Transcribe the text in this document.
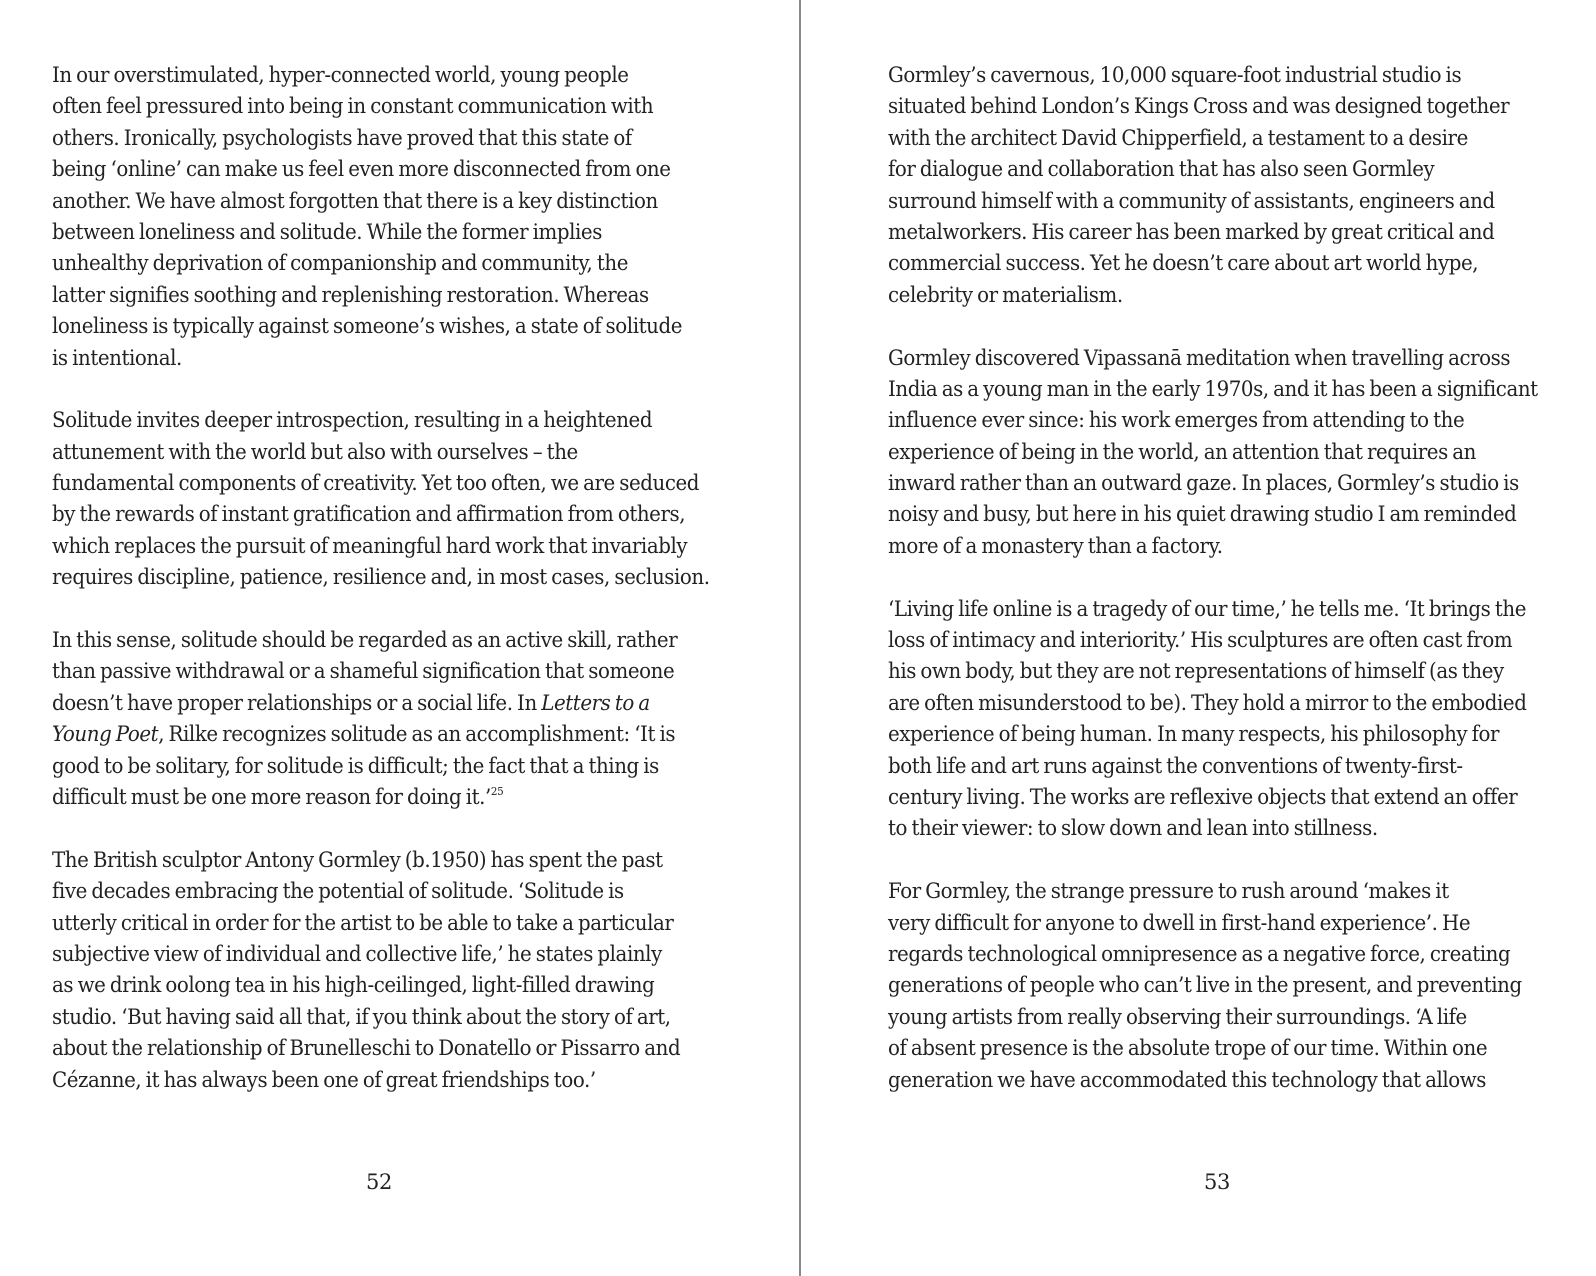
In our overstimulated, hyper-connected world, young people
often feel pressured into being in constant communication with
others. Ironically, psychologists have proved that this state of
being ‘online’ can make us feel even more disconnected from one
another. We have almost forgotten that there is a key distinction
between loneliness and solitude. While the former implies
unhealthy deprivation of companionship and community, the
latter signifies soothing and replenishing restoration. Whereas
loneliness is typically against someone’s wishes, a state of solitude
is intentional.
Solitude invites deeper introspection, resulting in a heightened
attunement with the world but also with ourselves – the
fundamental components of creativity. Yet too often, we are seduced
by the rewards of instant gratification and affirmation from others,
which replaces the pursuit of meaningful hard work that invariably
requires discipline, patience, resilience and, in most cases, seclusion.
In this sense, solitude should be regarded as an active skill, rather
than passive withdrawal or a shameful signification that someone
doesn’t have proper relationships or a social life. In Letters to a
Young Poet, Rilke recognizes solitude as an accomplishment: ‘It is
good to be solitary, for solitude is difficult; the fact that a thing is
difficult must be one more reason for doing it.’$^{25}$
The British sculptor Antony Gormley (b.1950) has spent the past
five decades embracing the potential of solitude. ‘Solitude is
utterly critical in order for the artist to be able to take a particular
subjective view of individual and collective life,’ he states plainly
as we drink oolong tea in his high-ceilinged, light-filled drawing
studio. ‘But having said all that, if you think about the story of art,
about the relationship of Brunelleschi to Donatello or Pissarro and
Cézanne, it has always been one of great friendships too.’
52
Gormley’s cavernous, 10,000 square-foot industrial studio is
situated behind London’s Kings Cross and was designed together
with the architect David Chipperfield, a testament to a desire
for dialogue and collaboration that has also seen Gormley
surround himself with a community of assistants, engineers and
metalworkers. His career has been marked by great critical and
commercial success. Yet he doesn’t care about art world hype,
celebrity or materialism.
Gormley discovered Vipassanā meditation when travelling across
India as a young man in the early 1970s, and it has been a significant
influence ever since: his work emerges from attending to the
experience of being in the world, an attention that requires an
inward rather than an outward gaze. In places, Gormley’s studio is
noisy and busy, but here in his quiet drawing studio I am reminded
more of a monastery than a factory.
‘Living life online is a tragedy of our time,’ he tells me. ‘It brings the
loss of intimacy and interiority.’ His sculptures are often cast from
his own body, but they are not representations of himself (as they
are often misunderstood to be). They hold a mirror to the embodied
experience of being human. In many respects, his philosophy for
both life and art runs against the conventions of twenty-first-
century living. The works are reflexive objects that extend an offer
to their viewer: to slow down and lean into stillness.
For Gormley, the strange pressure to rush around ‘makes it
very difficult for anyone to dwell in first-hand experience’. He
regards technological omnipresence as a negative force, creating
generations of people who can’t live in the present, and preventing
young artists from really observing their surroundings. ‘A life
of absent presence is the absolute trope of our time. Within one
generation we have accommodated this technology that allows
53
